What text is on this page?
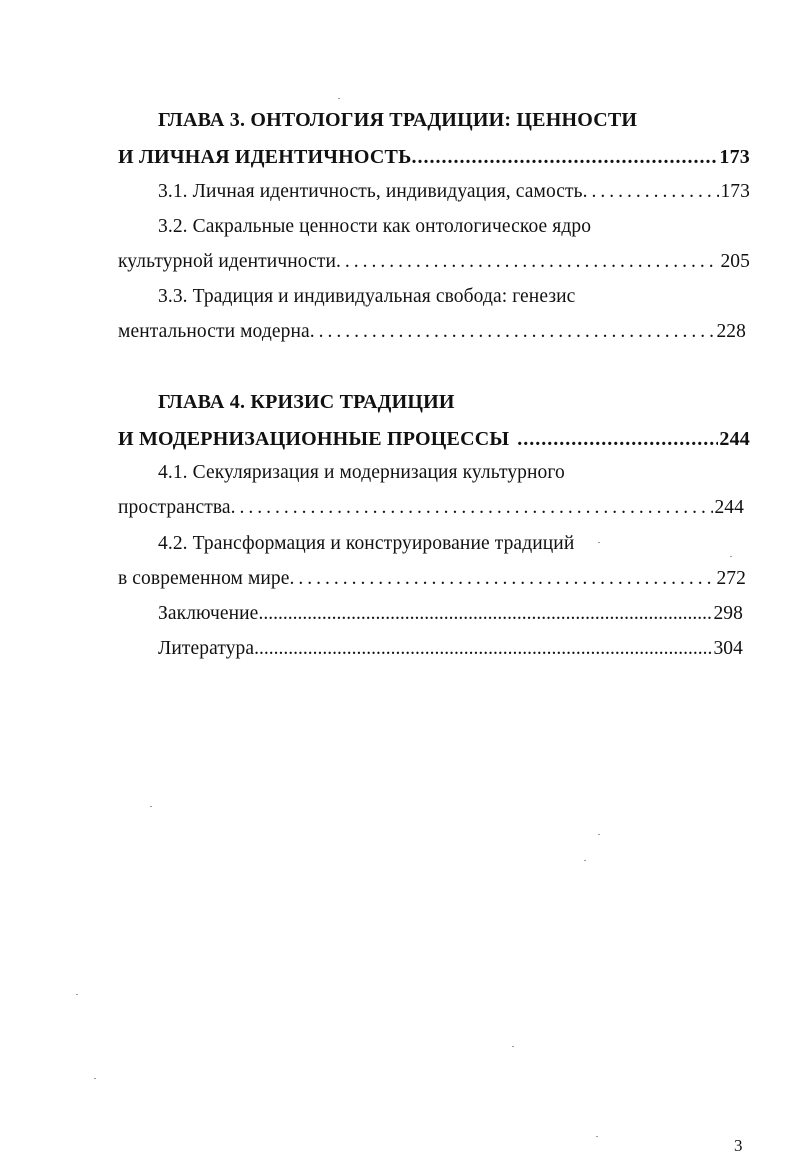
ГЛАВА 3. ОНТОЛОГИЯ ТРАДИЦИИ: ЦЕННОСТИ
И ЛИЧНАЯ ИДЕНТИЧНОСТЬ .....	173
3.1. Личная идентичность, индивидуация, самость .....	173
3.2. Сакральные ценности как онтологическое ядро
культурной идентичности .....	205
3.3. Традиция и индивидуальная свобода: генезис
ментальности модерна .....	228
ГЛАВА 4. КРИЗИС ТРАДИЦИИ
И МОДЕРНИЗАЦИОННЫЕ ПРОЦЕССЫ .....	244
4.1. Секуляризация и модернизация культурного
пространства .....	244
4.2. Трансформация и конструирование традиций
в современном мире .....	272
Заключение .....	298
Литература .....	304
3
